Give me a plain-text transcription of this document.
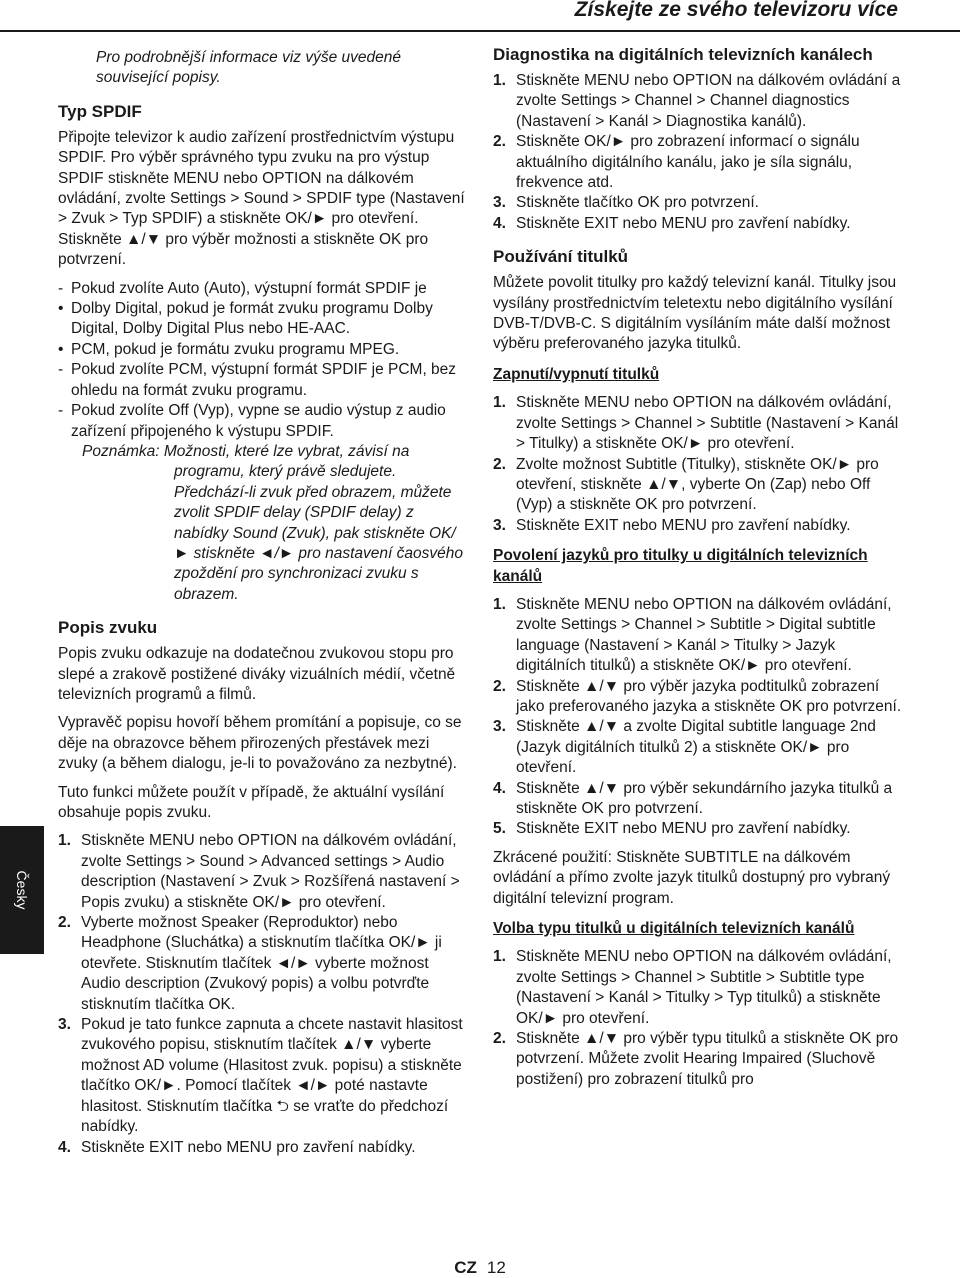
Získejte ze svého televizoru více

Pro podrobnější informace viz výše uvedené související popisy.

Typ SPDIF

Připojte televizor k audio zařízení prostřednictvím výstupu SPDIF. Pro výběr správného typu zvuku na pro výstup SPDIF stiskněte MENU nebo OPTION na dálkovém ovládání, zvolte Settings > Sound > SPDIF type (Nastavení > Zvuk > Typ SPDIF) a stiskněte OK/► pro otevření. Stiskněte ▲/▼ pro výběr možnosti a stiskněte OK pro potvrzení.

- Pokud zvolíte Auto (Auto), výstupní formát SPDIF je
• Dolby Digital, pokud je formát zvuku programu Dolby Digital, Dolby Digital Plus nebo HE-AAC.
• PCM, pokud je formátu zvuku programu MPEG.
- Pokud zvolíte PCM, výstupní formát SPDIF je PCM, bez ohledu na formát zvuku programu.
- Pokud zvolíte Off (Vyp), vypne se audio výstup z audio zařízení připojeného k výstupu SPDIF.
Poznámka: Možnosti, které lze vybrat, závisí na
programu, který právě sledujete. Předchází-li zvuk před obrazem, můžete zvolit SPDIF delay (SPDIF delay) z nabídky Sound (Zvuk), pak stiskněte OK/► stiskněte ◄/► pro nastavení čaosvého zpoždění pro synchronizaci zvuku s obrazem.
Popis zvuku

Popis zvuku odkazuje na dodatečnou zvukovou stopu pro slepé a zrakově postižené diváky vizuálních médií, včetně televizních programů a filmů.

Vypravěč popisu hovoří během promítání a popisuje, co se děje na obrazovce během přirozených přestávek mezi zvuky (a během dialogu, je-li to považováno za nezbytné).

Tuto funkci můžete použít v případě, že aktuální vysílání obsahuje popis zvuku.

1. Stiskněte MENU nebo OPTION na dálkovém ovládání, zvolte Settings > Sound > Advanced settings > Audio description (Nastavení > Zvuk > Rozšířená nastavení > Popis zvuku) a stiskněte OK/► pro otevření.
2. Vyberte možnost Speaker (Reproduktor) nebo Headphone (Sluchátka) a stisknutím tlačítka OK/► ji otevřete. Stisknutím tlačítek ◄/► vyberte možnost Audio description (Zvukový popis) a volbu potvrďte stisknutím tlačítka OK.
3. Pokud je tato funkce zapnuta a chcete nastavit hlasitost zvukového popisu, stisknutím tlačítek ▲/▼ vyberte možnost AD volume (Hlasitost zvuk. popisu) a stiskněte tlačítko OK/►. Pomocí tlačítek ◄/► poté nastavte hlasitost. Stisknutím tlačítka ⮌ se vraťte do předchozí nabídky.
4. Stiskněte EXIT nebo MENU pro zavření nabídky.
Diagnostika na digitálních televizních kanálech
1. Stiskněte MENU nebo OPTION na dálkovém ovládání a zvolte Settings > Channel > Channel diagnostics (Nastavení > Kanál > Diagnostika kanálů).
2. Stiskněte OK/► pro zobrazení informací o signálu aktuálního digitálního kanálu, jako je síla signálu, frekvence atd.
3. Stiskněte tlačítko OK pro potvrzení.
4. Stiskněte EXIT nebo MENU pro zavření nabídky.
Používání titulků

Můžete povolit titulky pro každý televizní kanál. Titulky jsou vysílány prostřednictvím teletextu nebo digitálního vysílání DVB-T/DVB-C. S digitálním vysíláním máte další možnost výběru preferovaného jazyka titulků.

Zapnutí/vypnutí titulků
1. Stiskněte MENU nebo OPTION na dálkovém ovládání, zvolte Settings > Channel > Subtitle (Nastavení > Kanál > Titulky) a stiskněte OK/► pro otevření.
2. Zvolte možnost Subtitle (Titulky), stiskněte OK/► pro otevření, stiskněte ▲/▼, vyberte On (Zap) nebo Off (Vyp) a stiskněte OK pro potvrzení.
3. Stiskněte EXIT nebo MENU pro zavření nabídky.
Povolení jazyků pro titulky u digitálních televizních kanálů
1. Stiskněte MENU nebo OPTION na dálkovém ovládání, zvolte Settings > Channel > Subtitle > Digital subtitle language (Nastavení > Kanál > Titulky > Jazyk digitálních titulků) a stiskněte OK/► pro otevření.
2. Stiskněte ▲/▼ pro výběr jazyka podtitulků zobrazení jako preferovaného jazyka a stiskněte OK pro potvrzení.
3. Stiskněte ▲/▼ a zvolte Digital subtitle language 2nd (Jazyk digitálních titulků 2) a stiskněte OK/► pro otevření.
4. Stiskněte ▲/▼ pro výběr sekundárního jazyka titulků a stiskněte OK pro potvrzení.
5. Stiskněte EXIT nebo MENU pro zavření nabídky.

Zkrácené použití: Stiskněte SUBTITLE na dálkovém ovládání a přímo zvolte jazyk titulků dostupný pro vybraný digitální televizní program.

Volba typu titulků u digitálních televizních kanálů
1. Stiskněte MENU nebo OPTION na dálkovém ovládání, zvolte Settings > Channel > Subtitle > Subtitle type (Nastavení > Kanál > Titulky > Typ titulků) a stiskněte OK/► pro otevření.
2. Stiskněte ▲/▼ pro výběr typu titulků a stiskněte OK pro potvrzení. Můžete zvolit Hearing Impaired (Sluchově postižení) pro zobrazení titulků pro
Česky
CZ 12
